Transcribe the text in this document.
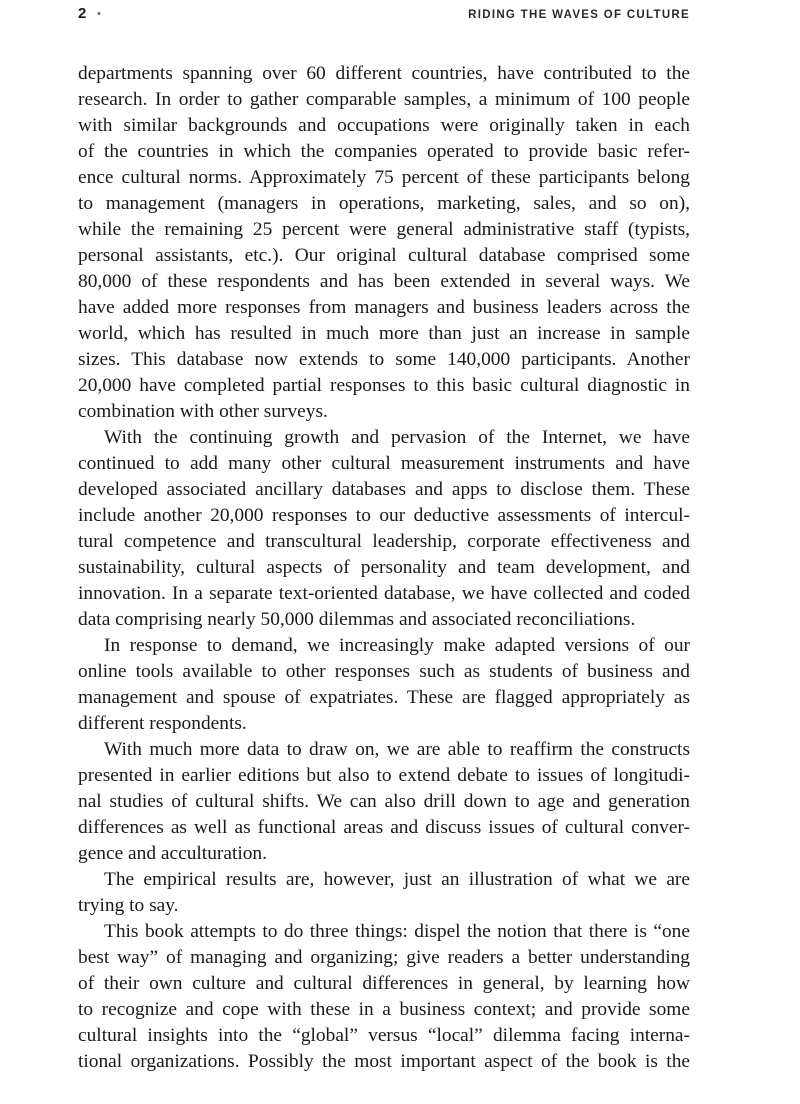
2 •	RIDING THE WAVES OF CULTURE

departments spanning over 60 different countries, have contributed to the
research. In order to gather comparable samples, a minimum of 100 people
with similar backgrounds and occupations were originally taken in each
of the countries in which the companies operated to provide basic refer-
ence cultural norms. Approximately 75 percent of these participants belong
to management (managers in operations, marketing, sales, and so on),
while the remaining 25 percent were general administrative staff (typists,
personal assistants, etc.). Our original cultural database comprised some
80,000 of these respondents and has been extended in several ways. We
have added more responses from managers and business leaders across the
world, which has resulted in much more than just an increase in sample
sizes. This database now extends to some 140,000 participants. Another
20,000 have completed partial responses to this basic cultural diagnostic in
combination with other surveys.

With the continuing growth and pervasion of the Internet, we have
continued to add many other cultural measurement instruments and have
developed associated ancillary databases and apps to disclose them. These
include another 20,000 responses to our deductive assessments of intercul-
tural competence and transcultural leadership, corporate effectiveness and
sustainability, cultural aspects of personality and team development, and
innovation. In a separate text-oriented database, we have collected and coded
data comprising nearly 50,000 dilemmas and associated reconciliations.

In response to demand, we increasingly make adapted versions of our
online tools available to other responses such as students of business and
management and spouse of expatriates. These are flagged appropriately as
different respondents.

With much more data to draw on, we are able to reaffirm the constructs
presented in earlier editions but also to extend debate to issues of longitudi-
nal studies of cultural shifts. We can also drill down to age and generation
differences as well as functional areas and discuss issues of cultural conver-
gence and acculturation.

The empirical results are, however, just an illustration of what we are
trying to say.

This book attempts to do three things: dispel the notion that there is “one
best way” of managing and organizing; give readers a better understanding
of their own culture and cultural differences in general, by learning how
to recognize and cope with these in a business context; and provide some
cultural insights into the “global” versus “local” dilemma facing interna-
tional organizations. Possibly the most important aspect of the book is the
